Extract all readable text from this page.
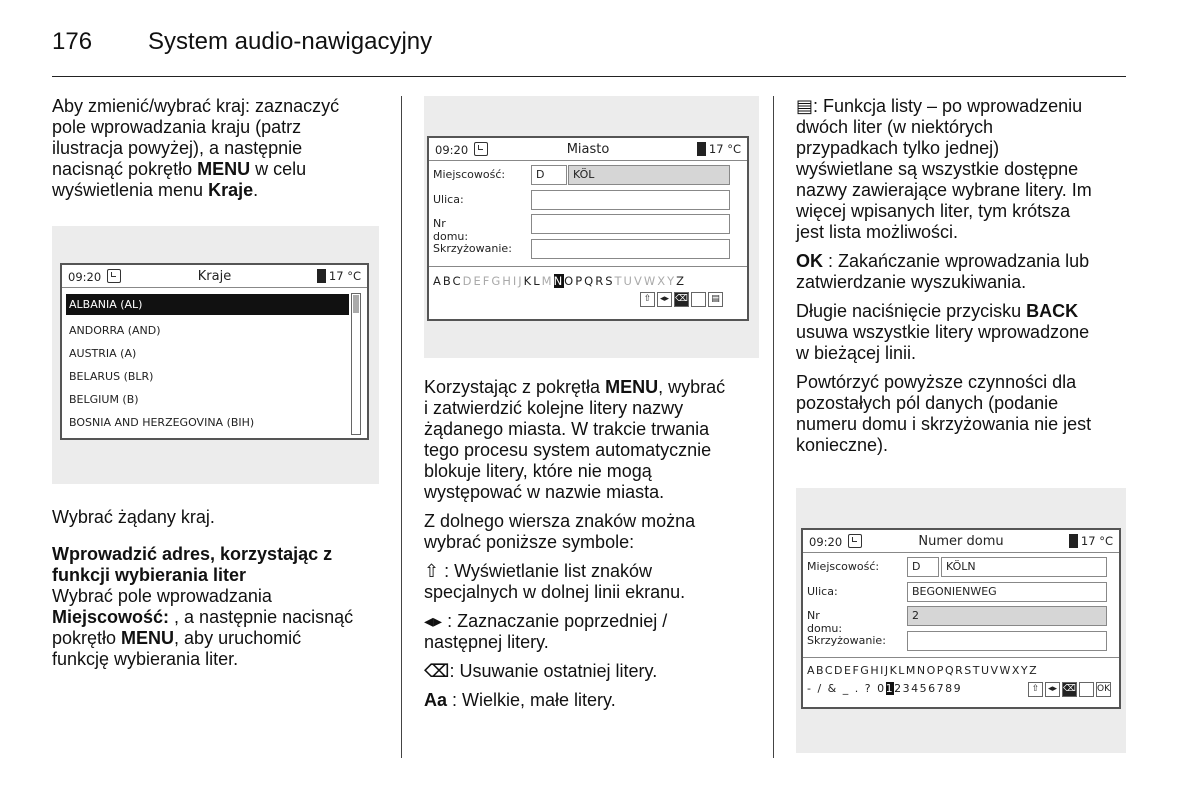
176 System audio-nawigacyjny

Aby zmienić/wybrać kraj: zaznaczyć
pole wprowadzania kraju (patrz
ilustracja powyżej), a następnie
nacisnąć pokrętło MENU w celu
wyświetlenia menu Kraje.

09:20	Kraje	17 °C
ALBANIA (AL)
ANDORRA (AND)
AUSTRIA (A)
BELARUS (BLR)
BELGIUM (B)
BOSNIA AND HERZEGOVINA (BIH)

Wybrać żądany kraj.

Wprowadzić adres, korzystając z
funkcji wybierania liter

Wybrać pole wprowadzania
Miejscowość: , a następnie nacisnąć
pokrętło MENU, aby uruchomić
funkcję wybierania liter.

09:20	Miasto	17 °C
Miejscowość:	D	KÖL
Ulica:
Nr domu:
Skrzyżowanie:
ABCDEFGHIJKLMNOPQRSTUVWXYZ
⇧ ◂▸ ⌫	▤

Korzystając z pokrętła MENU, wybrać
i zatwierdzić kolejne litery nazwy
żądanego miasta. W trakcie trwania
tego procesu system automatycznie
blokuje litery, które nie mogą
występować w nazwie miasta.

Z dolnego wiersza znaków można
wybrać poniższe symbole:

⇧ : Wyświetlanie list znaków
specjalnych w dolnej linii ekranu.

◂▸ : Zaznaczanie poprzedniej /
następnej litery.

⌫: Usuwanie ostatniej litery.

Aa : Wielkie, małe litery.

▤: Funkcja listy – po wprowadzeniu
dwóch liter (w niektórych
przypadkach tylko jednej)
wyświetlane są wszystkie dostępne
nazwy zawierające wybrane litery. Im
więcej wpisanych liter, tym krótsza
jest lista możliwości.

OK : Zakańczanie wprowadzania lub
zatwierdzanie wyszukiwania.

Długie naciśnięcie przycisku BACK
usuwa wszystkie litery wprowadzone
w bieżącej linii.

Powtórzyć powyższe czynności dla
pozostałych pól danych (podanie
numeru domu i skrzyżowania nie jest
konieczne).

09:20	Numer domu	17 °C
Miejscowość:	D	KÖLN
Ulica:	BEGONIENWEG
Nr domu:
2
Skrzyżowanie:
ABCDEFGHIJKLMNOPQRSTUVWXYZ
- / & _ . ? 0123456789	⇧ ◂▸ ⌫ OK
